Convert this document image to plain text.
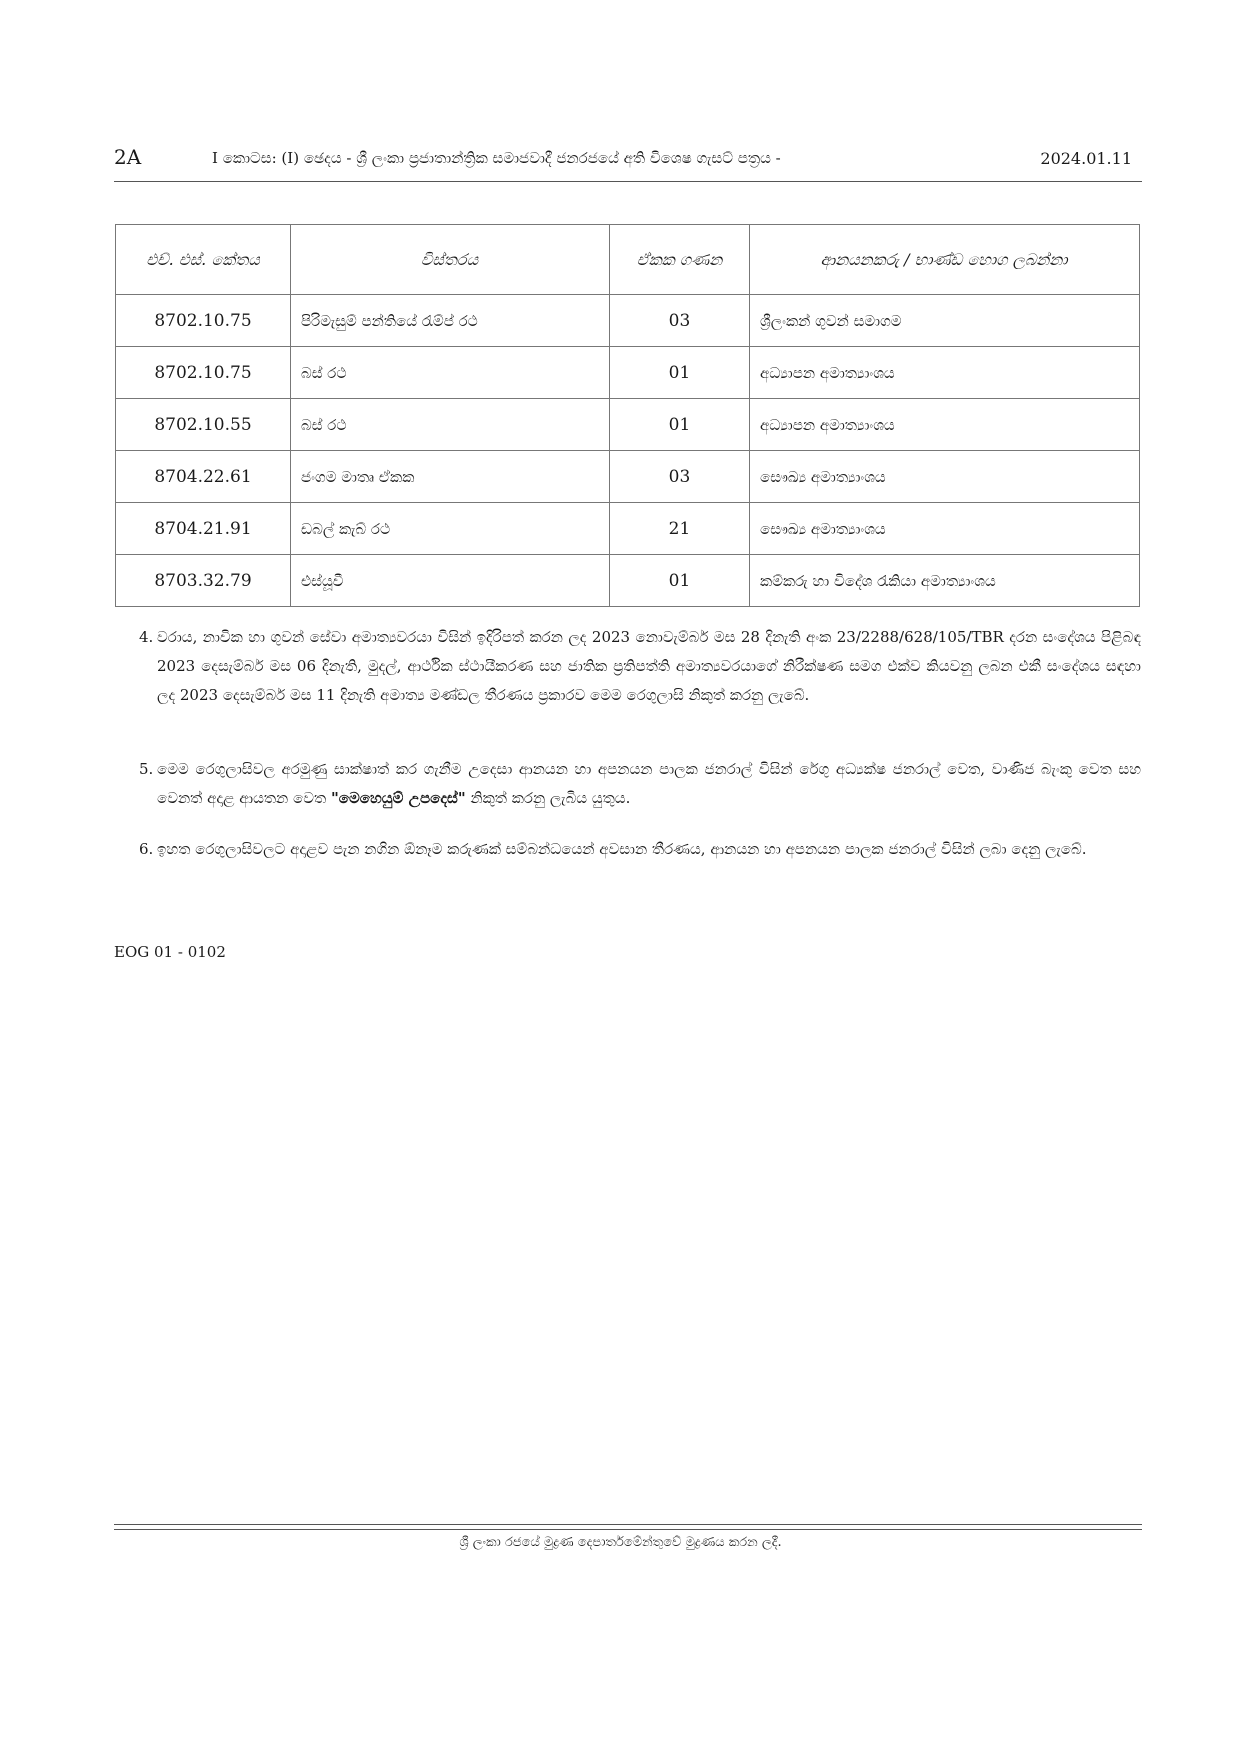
2A	I කොටස: (I) ඡෙදය - ශ්‍රී ලංකා ප්‍රජාතාන්ත්‍රික සමාජවාදී ජනරජයේ අති විශෙෂ ගැසට් පත්‍රය -	2024.01.11
එච්. එස්. කේතය	විස්තරය	ඒකක ගණන	ආනයනකරු / භාණ්ඩ හොග ලබන්නා
8702.10.75	පිරිමැසුම් පන්තියේ රැම්ප් රථ	03	ශ්‍රීලංකන් ගුවන් සමාගම
8702.10.75	බස් රථ	01	අධ්‍යාපන අමාත්‍යාංශය
8702.10.55	බස් රථ	01	අධ්‍යාපන අමාත්‍යාංශය
8704.22.61	ජංගම මාතෘ ඒකක	03	සෞඛ්‍ය අමාත්‍යාංශය
8704.21.91	ඩබල් කැබ් රථ	21	සෞඛ්‍ය අමාත්‍යාංශය
8703.32.79	එස්යූවී	01	කම්කරු හා විදේශ රැකියා අමාත්‍යාංශය
4. වරාය, නාවික හා ගුවන් සේවා අමාත්‍යවරයා විසින් ඉදිරිපත් කරන ලද 2023 නොවැම්බර් මස 28 දිනැති අංක 23/2288/628/105/TBR දරන සංදේශය පිළිබඳ 2023 දෙසැම්බර් මස 06 දිනැති, මුදල්, ආර්ථික ස්ථායීකරණ සහ ජාතික ප්‍රතිපත්ති අමාත්‍යවරයාගේ නිරීක්ෂණ සමග එක්ව කියවනු ලබන එකී සංදේශය සඳහා ලද 2023 දෙසැම්බර් මස 11 දිනැති අමාත්‍ය මණ්ඩල තීරණය ප්‍රකාරව මෙම රෙගුලාසි නිකුත් කරනු ලැබේ.
5. මෙම රෙගුලාසිවල අරමුණු සාක්ෂාත් කර ගැනීම උදෙසා ආනයන හා අපනයන පාලක ජනරාල් විසින් රේගු අධ්‍යක්ෂ ජනරාල් වෙත, වාණිජ බැංකු වෙත සහ වෙනත් අදාළ ආයතන වෙත "මෙහෙයුම් උපදෙස්" නිකුත් කරනු ලැබිය යුතුය.
6. ඉහත රෙගුලාසිවලට අදාළව පැන නගින ඕනෑම කරුණක් සම්බන්ධයෙන් අවසාන තීරණය, ආනයන හා අපනයන පාලක ජනරාල් විසින් ලබා දෙනු ලැබේ.
EOG 01 - 0102
ශ්‍රී ලංකා රජයේ මුද්‍රණ දෙපාර්තමේන්තුවේ මුද්‍රණය කරන ලදී.
